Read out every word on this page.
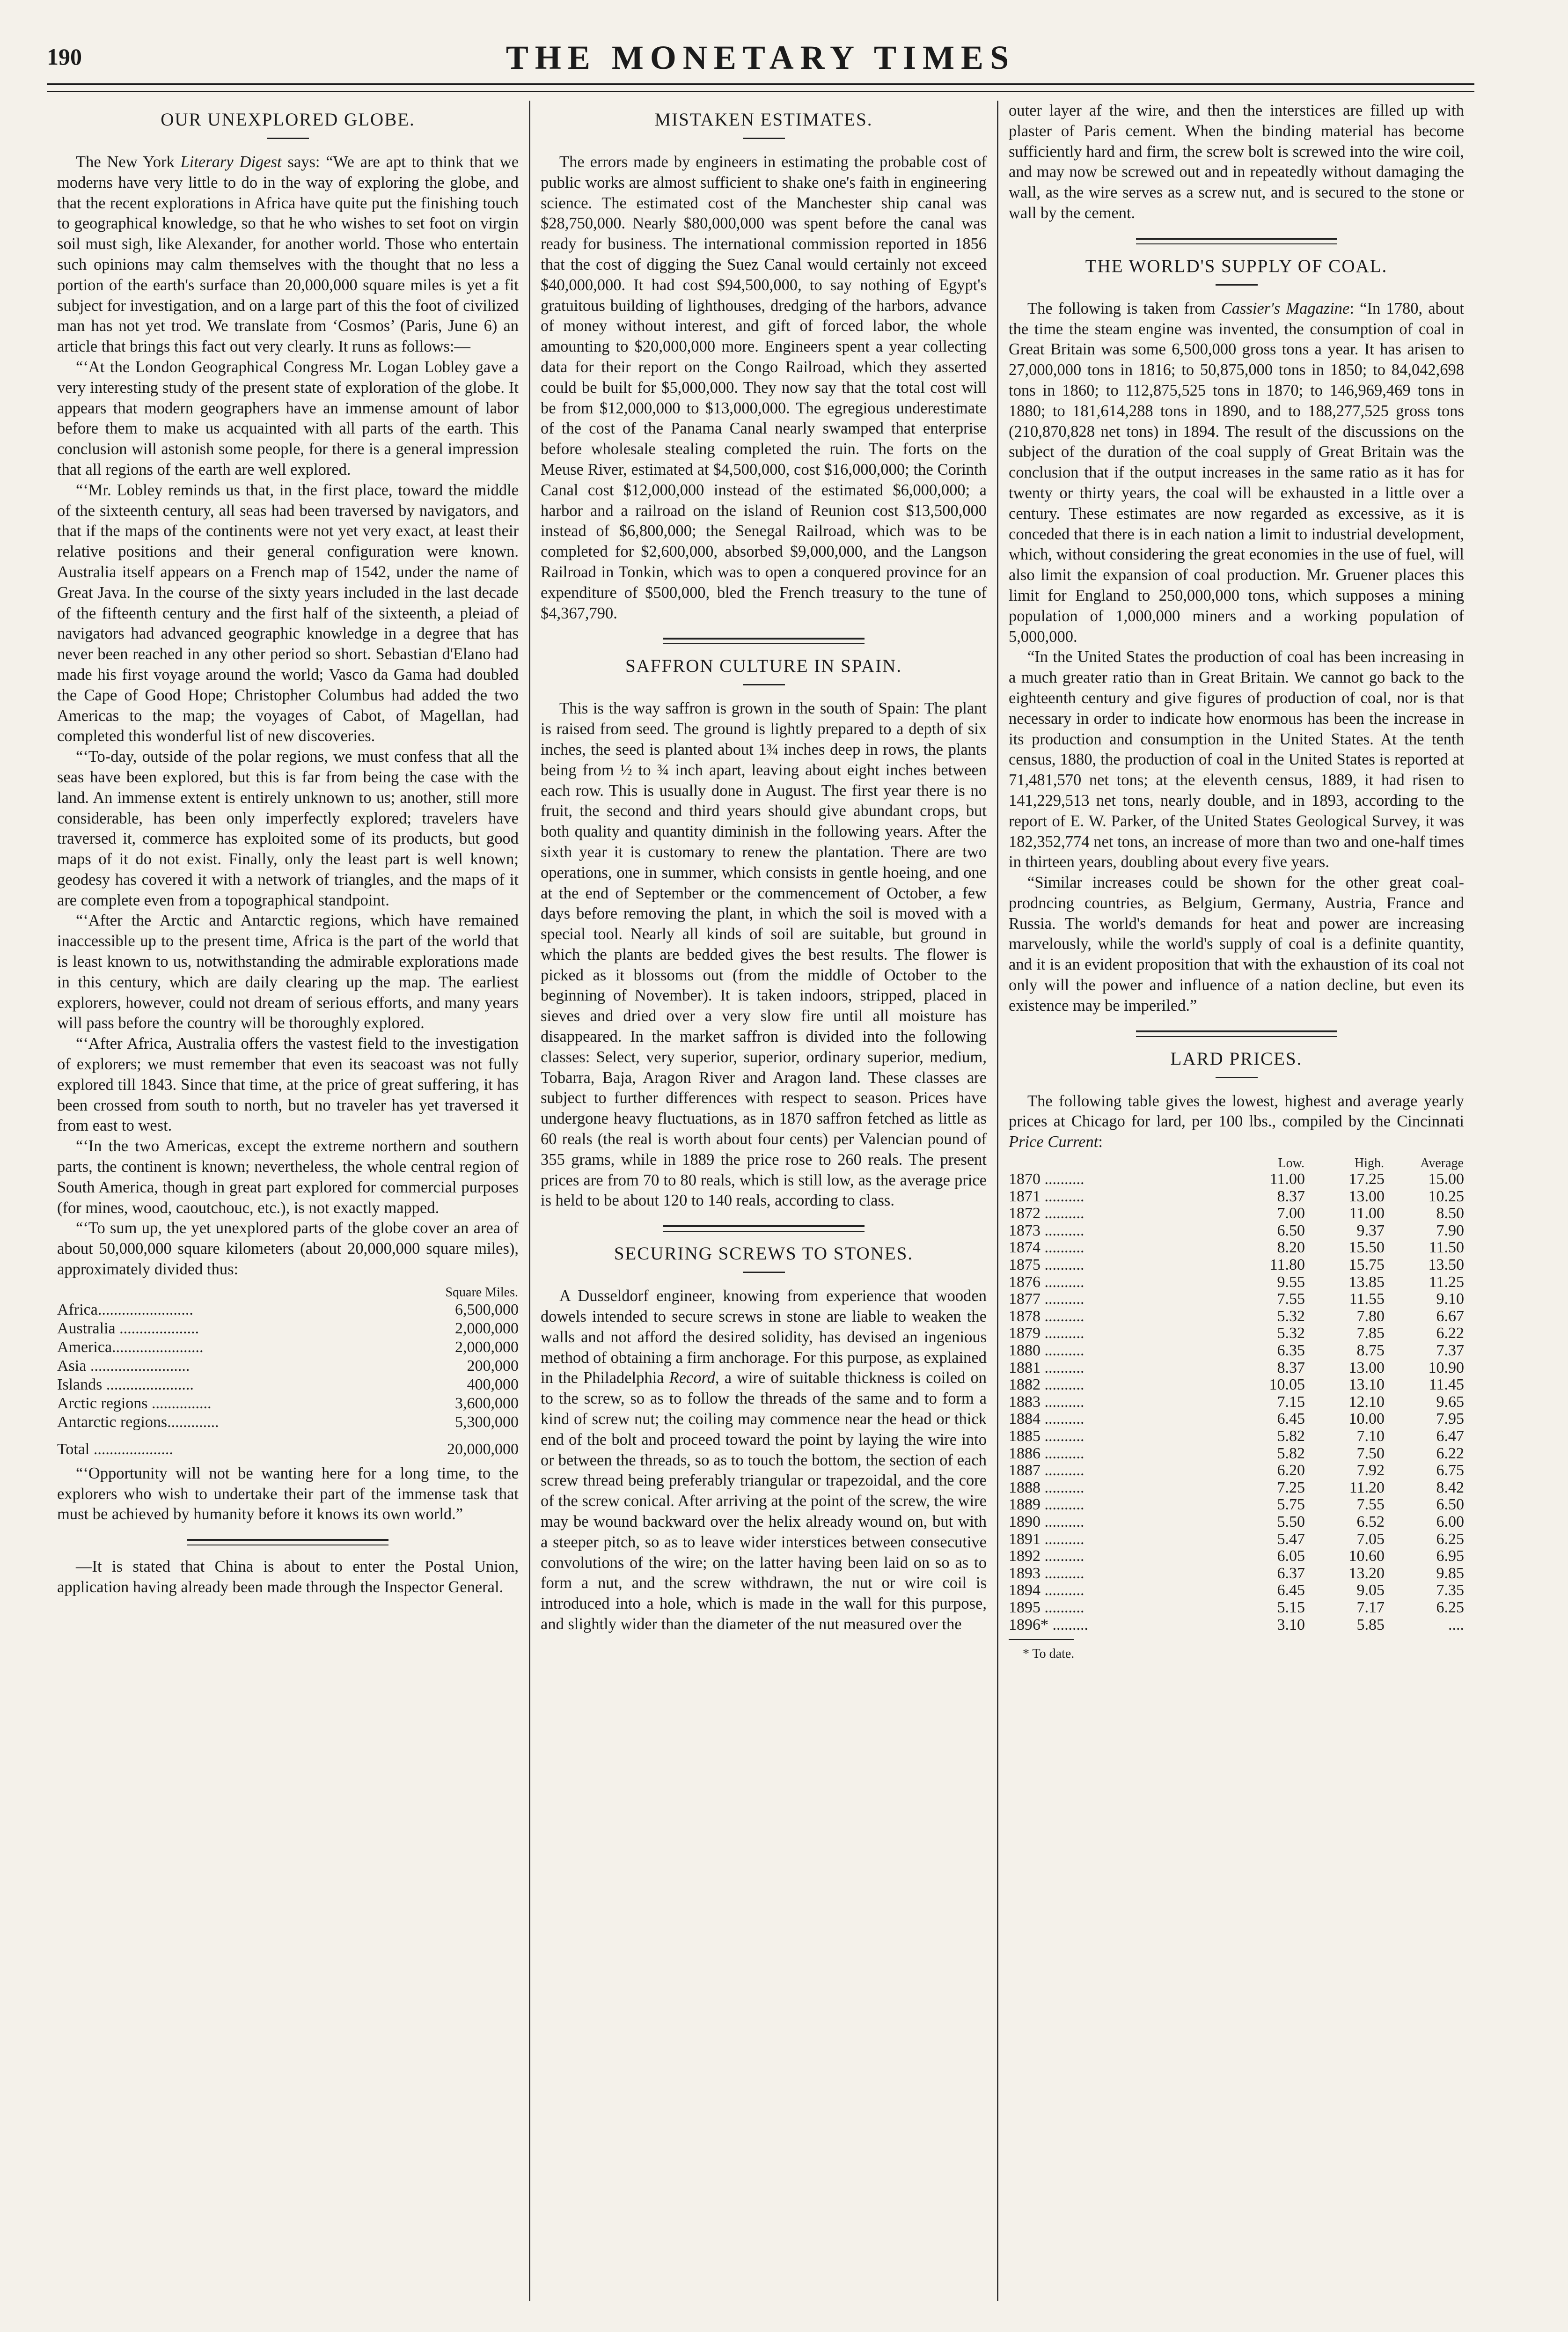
190	THE MONETARY TIMES
OUR UNEXPLORED GLOBE.

The New York Literary Digest says: “We are apt to think that we moderns have very little to do in the way of exploring the globe, and that the recent explorations in Africa have quite put the finishing touch to geographical knowledge, so that he who wishes to set foot on virgin soil must sigh, like Alexander, for another world. Those who entertain such opinions may calm themselves with the thought that no less a portion of the earth's surface than 20,000,000 square miles is yet a fit subject for investigation, and on a large part of this the foot of civilized man has not yet trod. We translate from ‘Cosmos’ (Paris, June 6) an article that brings this fact out very clearly. It runs as follows:—

“‘At the London Geographical Congress Mr. Logan Lobley gave a very interesting study of the present state of exploration of the globe. It appears that modern geographers have an immense amount of labor before them to make us acquainted with all parts of the earth. This conclusion will astonish some people, for there is a general impression that all regions of the earth are well explored.

“‘Mr. Lobley reminds us that, in the first place, toward the middle of the sixteenth century, all seas had been traversed by navigators, and that if the maps of the continents were not yet very exact, at least their relative positions and their general configuration were known. Australia itself appears on a French map of 1542, under the name of Great Java. In the course of the sixty years included in the last decade of the fifteenth century and the first half of the sixteenth, a pleiad of navigators had advanced geographic knowledge in a degree that has never been reached in any other period so short. Sebastian d'Elano had made his first voyage around the world; Vasco da Gama had doubled the Cape of Good Hope; Christopher Columbus had added the two Americas to the map; the voyages of Cabot, of Magellan, had completed this wonderful list of new discoveries.

“‘To-day, outside of the polar regions, we must confess that all the seas have been explored, but this is far from being the case with the land. An immense extent is entirely unknown to us; another, still more considerable, has been only imperfectly explored; travelers have traversed it, commerce has exploited some of its products, but good maps of it do not exist. Finally, only the least part is well known; geodesy has covered it with a network of triangles, and the maps of it are complete even from a topographical standpoint.

“‘After the Arctic and Antarctic regions, which have remained inaccessible up to the present time, Africa is the part of the world that is least known to us, notwithstanding the admirable explorations made in this century, which are daily clearing up the map. The earliest explorers, however, could not dream of serious efforts, and many years will pass before the country will be thoroughly explored.

“‘After Africa, Australia offers the vastest field to the investigation of explorers; we must remember that even its seacoast was not fully explored till 1843. Since that time, at the price of great suffering, it has been crossed from south to north, but no traveler has yet traversed it from east to west.

“‘In the two Americas, except the extreme northern and southern parts, the continent is known; nevertheless, the whole central region of South America, though in great part explored for commercial purposes (for mines, wood, caoutchouc, etc.), is not exactly mapped.

“‘To sum up, the yet unexplored parts of the globe cover an area of about 50,000,000 square kilometers (about 20,000,000 square miles), approximately divided thus:

	Square Miles.
Africa........................	6,500,000
Australia ....................	2,000,000
America.......................	2,000,000
Asia .........................	200,000
Islands ......................	400,000
Arctic regions ...............	3,600,000
Antarctic regions.............	5,300,000
Total ....................	20,000,000

“‘Opportunity will not be wanting here for a long time, to the explorers who wish to undertake their part of the immense task that must be achieved by humanity before it knows its own world.”

—It is stated that China is about to enter the Postal Union, application having already been made through the Inspector General.

MISTAKEN ESTIMATES.

The errors made by engineers in estimating the probable cost of public works are almost sufficient to shake one's faith in engineering science. The estimated cost of the Manchester ship canal was $28,750,000. Nearly $80,000,000 was spent before the canal was ready for business. The international commission reported in 1856 that the cost of digging the Suez Canal would certainly not exceed $40,000,000. It had cost $94,500,000, to say nothing of Egypt's gratuitous building of lighthouses, dredging of the harbors, advance of money without interest, and gift of forced labor, the whole amounting to $20,000,000 more. Engineers spent a year collecting data for their report on the Congo Railroad, which they asserted could be built for $5,000,000. They now say that the total cost will be from $12,000,000 to $13,000,000. The egregious underestimate of the cost of the Panama Canal nearly swamped that enterprise before wholesale stealing completed the ruin. The forts on the Meuse River, estimated at $4,500,000, cost $16,000,000; the Corinth Canal cost $12,000,000 instead of the estimated $6,000,000; a harbor and a railroad on the island of Reunion cost $13,500,000 instead of $6,800,000; the Senegal Railroad, which was to be completed for $2,600,000, absorbed $9,000,000, and the Langson Railroad in Tonkin, which was to open a conquered province for an expenditure of $500,000, bled the French treasury to the tune of $4,367,790.

SAFFRON CULTURE IN SPAIN.

This is the way saffron is grown in the south of Spain: The plant is raised from seed. The ground is lightly prepared to a depth of six inches, the seed is planted about 1¾ inches deep in rows, the plants being from ½ to ¾ inch apart, leaving about eight inches between each row. This is usually done in August. The first year there is no fruit, the second and third years should give abundant crops, but both quality and quantity diminish in the following years. After the sixth year it is customary to renew the plantation. There are two operations, one in summer, which consists in gentle hoeing, and one at the end of September or the commencement of October, a few days before removing the plant, in which the soil is moved with a special tool. Nearly all kinds of soil are suitable, but ground in which the plants are bedded gives the best results. The flower is picked as it blossoms out (from the middle of October to the beginning of November). It is taken indoors, stripped, placed in sieves and dried over a very slow fire until all moisture has disappeared. In the market saffron is divided into the following classes: Select, very superior, superior, ordinary superior, medium, Tobarra, Baja, Aragon River and Aragon land. These classes are subject to further differences with respect to season. Prices have undergone heavy fluctuations, as in 1870 saffron fetched as little as 60 reals (the real is worth about four cents) per Valencian pound of 355 grams, while in 1889 the price rose to 260 reals. The present prices are from 70 to 80 reals, which is still low, as the average price is held to be about 120 to 140 reals, according to class.

SECURING SCREWS TO STONES.

A Dusseldorf engineer, knowing from experience that wooden dowels intended to secure screws in stone are liable to weaken the walls and not afford the desired solidity, has devised an ingenious method of obtaining a firm anchorage. For this purpose, as explained in the Philadelphia Record, a wire of suitable thickness is coiled on to the screw, so as to follow the threads of the same and to form a kind of screw nut; the coiling may commence near the head or thick end of the bolt and proceed toward the point by laying the wire into or between the threads, so as to touch the bottom, the section of each screw thread being preferably triangular or trapezoidal, and the core of the screw conical. After arriving at the point of the screw, the wire may be wound backward over the helix already wound on, but with a steeper pitch, so as to leave wider interstices between consecutive convolutions of the wire; on the latter having been laid on so as to form a nut, and the screw withdrawn, the nut or wire coil is introduced into a hole, which is made in the wall for this purpose, and slightly wider than the diameter of the nut measured over the

outer layer af the wire, and then the interstices are filled up with plaster of Paris cement. When the binding material has become sufficiently hard and firm, the screw bolt is screwed into the wire coil, and may now be screwed out and in repeatedly without damaging the wall, as the wire serves as a screw nut, and is secured to the stone or wall by the cement.

THE WORLD'S SUPPLY OF COAL.

The following is taken from Cassier's Magazine: “In 1780, about the time the steam engine was invented, the consumption of coal in Great Britain was some 6,500,000 gross tons a year. It has arisen to 27,000,000 tons in 1816; to 50,875,000 tons in 1850; to 84,042,698 tons in 1860; to 112,875,525 tons in 1870; to 146,969,469 tons in 1880; to 181,614,288 tons in 1890, and to 188,277,525 gross tons (210,870,828 net tons) in 1894. The result of the discussions on the subject of the duration of the coal supply of Great Britain was the conclusion that if the output increases in the same ratio as it has for twenty or thirty years, the coal will be exhausted in a little over a century. These estimates are now regarded as excessive, as it is conceded that there is in each nation a limit to industrial development, which, without considering the great economies in the use of fuel, will also limit the expansion of coal production. Mr. Gruener places this limit for England to 250,000,000 tons, which supposes a mining population of 1,000,000 miners and a working population of 5,000,000.

“In the United States the production of coal has been increasing in a much greater ratio than in Great Britain. We cannot go back to the eighteenth century and give figures of production of coal, nor is that necessary in order to indicate how enormous has been the increase in its production and consumption in the United States. At the tenth census, 1880, the production of coal in the United States is reported at 71,481,570 net tons; at the eleventh census, 1889, it had risen to 141,229,513 net tons, nearly double, and in 1893, according to the report of E. W. Parker, of the United States Geological Survey, it was 182,352,774 net tons, an increase of more than two and one-half times in thirteen years, doubling about every five years.

“Similar increases could be shown for the other great coal-prodncing countries, as Belgium, Germany, Austria, France and Russia. The world's demands for heat and power are increasing marvelously, while the world's supply of coal is a definite quantity, and it is an evident proposition that with the exhaustion of its coal not only will the power and influence of a nation decline, but even its existence may be imperiled.”

LARD PRICES.

The following table gives the lowest, highest and average yearly prices at Chicago for lard, per 100 lbs., compiled by the Cincinnati Price Current:

	Low.	High.	Average
1870 ..........	11.00	17.25	15.00
1871 ..........	8.37	13.00	10.25
1872 ..........	7.00	11.00	8.50
1873 ..........	6.50	9.37	7.90
1874 ..........	8.20	15.50	11.50
1875 ..........	11.80	15.75	13.50
1876 ..........	9.55	13.85	11.25
1877 ..........	7.55	11.55	9.10
1878 ..........	5.32	7.80	6.67
1879 ..........	5.32	7.85	6.22
1880 ..........	6.35	8.75	7.37
1881 ..........	8.37	13.00	10.90
1882 ..........	10.05	13.10	11.45
1883 ..........	7.15	12.10	9.65
1884 ..........	6.45	10.00	7.95
1885 ..........	5.82	7.10	6.47
1886 ..........	5.82	7.50	6.22
1887 ..........	6.20	7.92	6.75
1888 ..........	7.25	11.20	8.42
1889 ..........	5.75	7.55	6.50
1890 ..........	5.50	6.52	6.00
1891 ..........	5.47	7.05	6.25
1892 ..........	6.05	10.60	6.95
1893 ..........	6.37	13.20	9.85
1894 ..........	6.45	9.05	7.35
1895 ..........	5.15	7.17	6.25
1896* .........	3.10	5.85	....
* To date.
